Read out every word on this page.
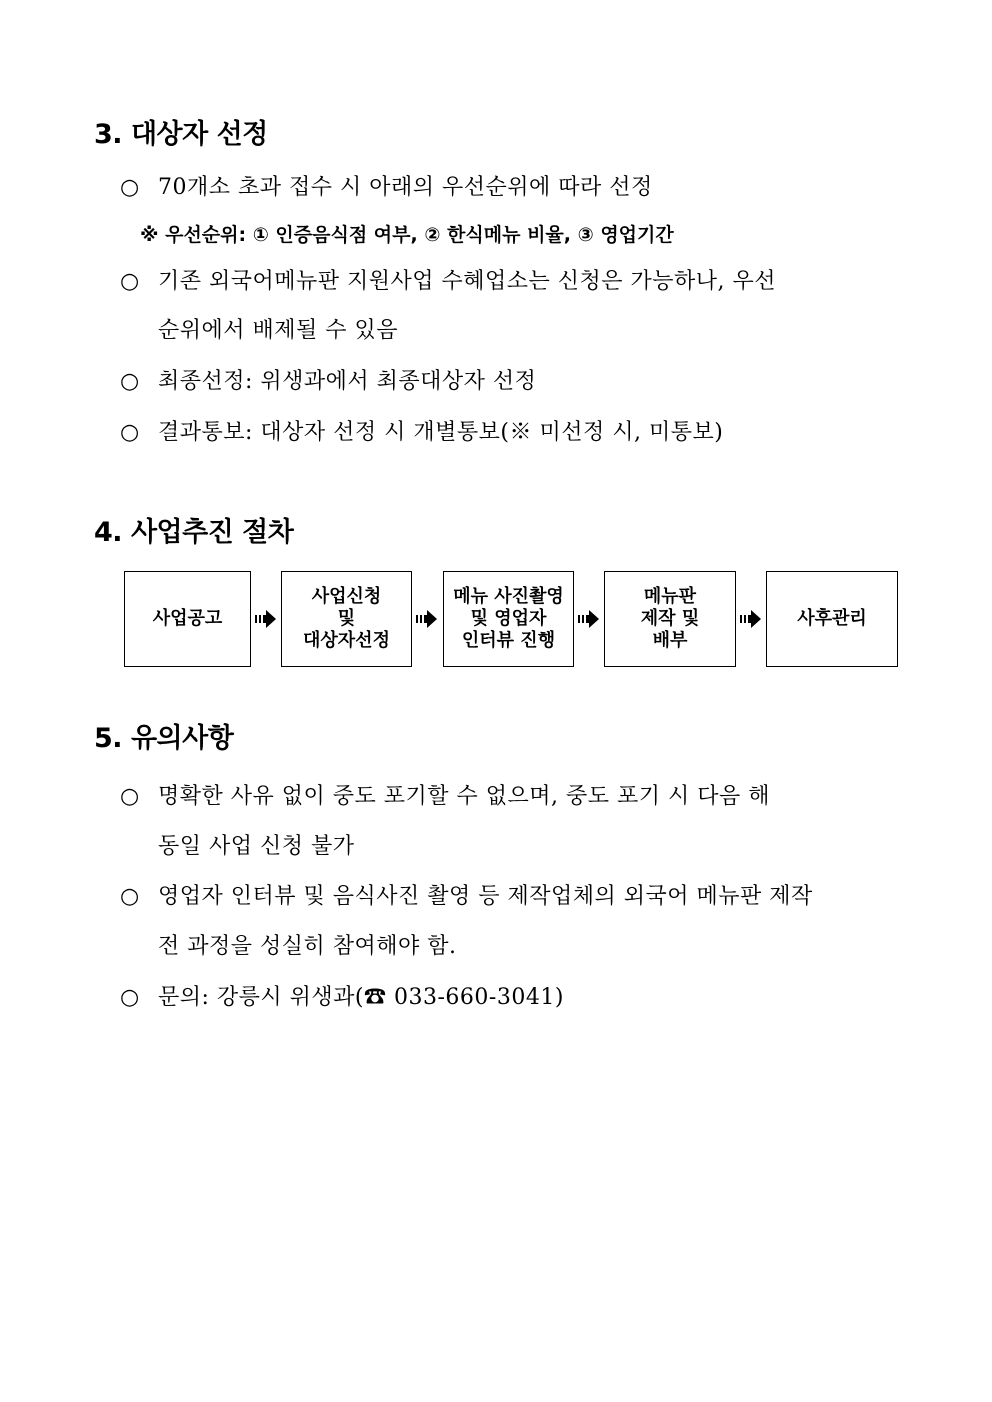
3. 대상자 선정
○ 70개소 초과 접수 시 아래의 우선순위에 따라 선정
※ 우선순위: ① 인증음식점 여부, ② 한식메뉴 비율, ③ 영업기간
○ 기존 외국어메뉴판 지원사업 수혜업소는 신청은 가능하나, 우선
순위에서 배제될 수 있음
○ 최종선정: 위생과에서 최종대상자 선정
○ 결과통보: 대상자 선정 시 개별통보(※ 미선정 시, 미통보)
4. 사업추진 절차
사업공고
사업신청
및
대상자선정
메뉴 사진촬영
및 영업자
인터뷰 진행
메뉴판
제작 및
배부
사후관리
5. 유의사항
○ 명확한 사유 없이 중도 포기할 수 없으며, 중도 포기 시 다음 해
동일 사업 신청 불가
○ 영업자 인터뷰 및 음식사진 촬영 등 제작업체의 외국어 메뉴판 제작
전 과정을 성실히 참여해야 함.
○ 문의: 강릉시 위생과(☎ 033-660-3041)
